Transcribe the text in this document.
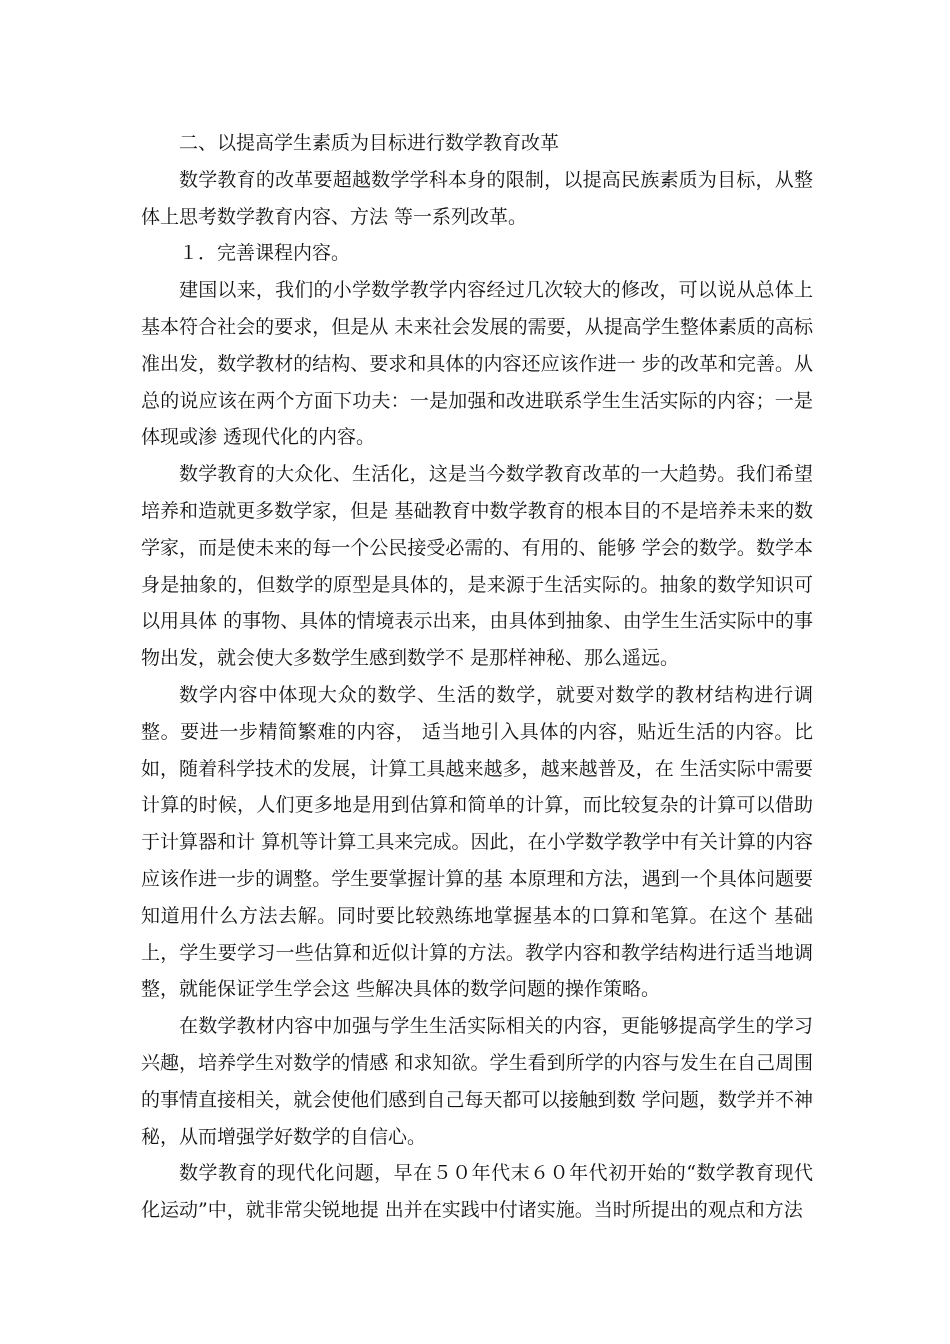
二、以提高学生素质为目标进行数学教育改革

数学教育的改革要超越数学学科本身的限制，以提高民族素质为目标，从整体上思考数学教育内容、方法 等一系列改革。

１．完善课程内容。

建国以来，我们的小学数学教学内容经过几次较大的修改，可以说从总体上基本符合社会的要求，但是从 未来社会发展的需要，从提高学生整体素质的高标准出发，数学教材的结构、要求和具体的内容还应该作进一 步的改革和完善。从总的说应该在两个方面下功夫：一是加强和改进联系学生生活实际的内容；一是体现或渗 透现代化的内容。

数学教育的大众化、生活化，这是当今数学教育改革的一大趋势。我们希望培养和造就更多数学家，但是 基础教育中数学教育的根本目的不是培养未来的数学家，而是使未来的每一个公民接受必需的、有用的、能够 学会的数学。数学本身是抽象的，但数学的原型是具体的，是来源于生活实际的。抽象的数学知识可以用具体 的事物、具体的情境表示出来，由具体到抽象、由学生生活实际中的事物出发，就会使大多数学生感到数学不 是那样神秘、那么遥远。

数学内容中体现大众的数学、生活的数学，就要对数学的教材结构进行调整。要进一步精简繁难的内容， 适当地引入具体的内容，贴近生活的内容。比如，随着科学技术的发展，计算工具越来越多，越来越普及，在 生活实际中需要计算的时候，人们更多地是用到估算和简单的计算，而比较复杂的计算可以借助于计算器和计 算机等计算工具来完成。因此，在小学数学教学中有关计算的内容应该作进一步的调整。学生要掌握计算的基 本原理和方法，遇到一个具体问题要知道用什么方法去解。同时要比较熟练地掌握基本的口算和笔算。在这个 基础上，学生要学习一些估算和近似计算的方法。教学内容和教学结构进行适当地调整，就能保证学生学会这 些解决具体的数学问题的操作策略。

在数学教材内容中加强与学生生活实际相关的内容，更能够提高学生的学习兴趣，培养学生对数学的情感 和求知欲。学生看到所学的内容与发生在自己周围的事情直接相关，就会使他们感到自己每天都可以接触到数 学问题，数学并不神秘，从而增强学好数学的自信心。

数学教育的现代化问题，早在５０年代末６０年代初开始的“数学教育现代化运动”中，就非常尖锐地提 出并在实践中付诸实施。当时所提出的观点和方法
